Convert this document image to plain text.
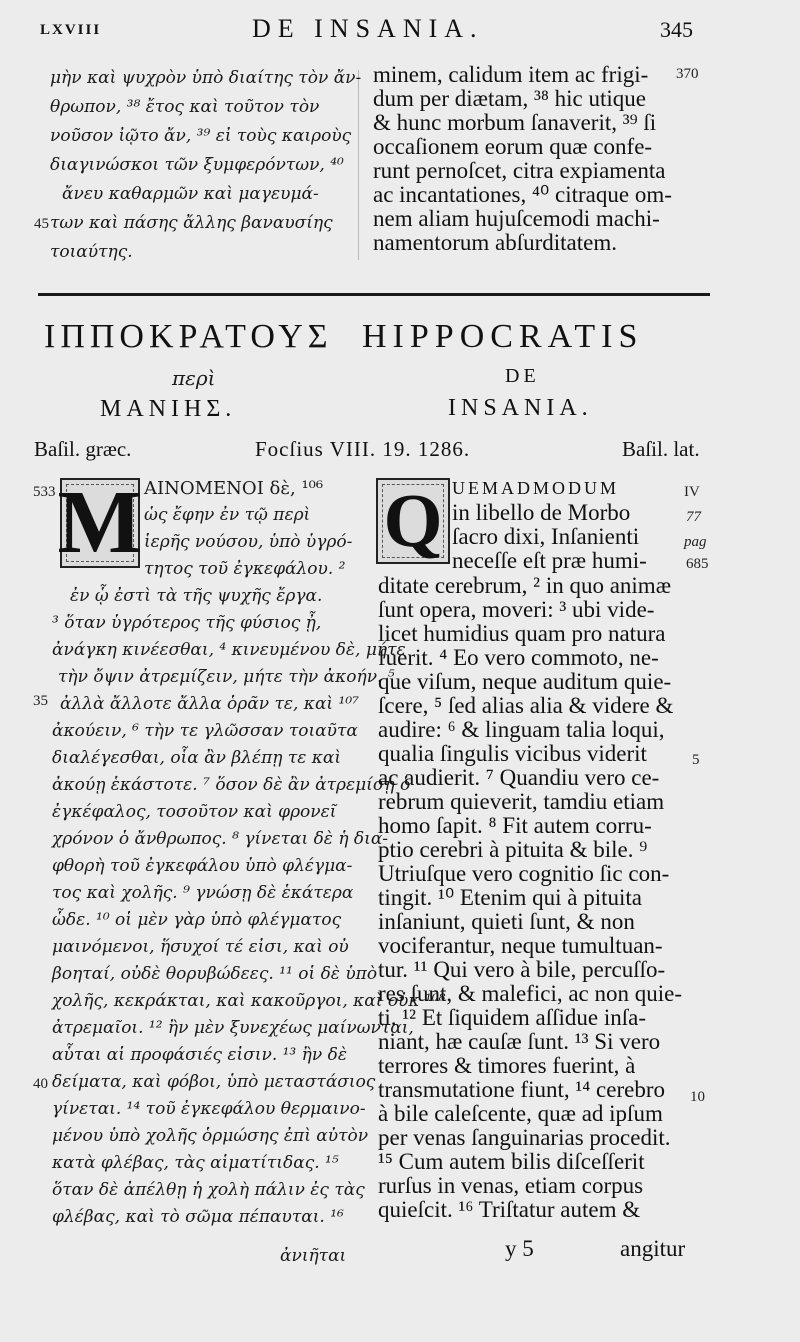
LXVIII	DE INSANIA.	345
μὴν καὶ ψυχρὸν ὑπὸ διαίτης τὸν ἄν-
θρωπον, ³⁸ ἔτος καὶ τοῦτον τὸν
νοῦσον ἰῷτο ἄν, ³⁹ εἰ τοὺς καιροὺς
διαγινώσκοι τῶν ξυμφερόντων, ⁴⁰
ἄνευ καθαρμῶν καὶ μαγευμά-
των καὶ πάσης ἄλλης βαναυσίης
τοιαύτης.
45
minem, calidum item ac frigi-
dum per diætam, ³⁸ hic utique
& hunc morbum ſanaverit, ³⁹ ſi
occaſionem eorum quæ confe-
runt pernoſcet, citra expiamenta
ac incantationes, ⁴⁰ citraque om-
nem aliam hujuſcemodi machi-
namentorum abſurditatem.
370
ΙΠΠΟΚΡΑΤΟΥΣ
περὶ
ΜΑΝΙΗΣ.
HIPPOCRATIS
DE
INSANIA.
Baſil. græc.	Focſius VIII. 19. 1286.	Baſil. lat.
M
533
35
40
ΑΙΝΟΜΕΝΟΙ δὲ, ¹⁰⁶
ὡς ἔφην ἐν τῷ περὶ
ἱερῆς νούσου, ὑπὸ ὑγρό-
τητος τοῦ ἐγκεφάλου. ²
ἐν ᾧ ἐστὶ τὰ τῆς ψυχῆς ἔργα.
³ ὅταν ὑγρότερος τῆς φύσιος ᾖ,
ἀνάγκη κινέεσθαι, ⁴ κινευμένου δὲ, μήτε
τὴν ὄψιν ἀτρεμίζειν, μήτε τὴν ἀκοήν. ⁵
ἀλλὰ ἄλλοτε ἄλλα ὁρᾶν τε, καὶ ¹⁰⁷
ἀκούειν, ⁶ τὴν τε γλῶσσαν τοιαῦτα
διαλέγεσθαι, οἷα ἂν βλέπῃ τε καὶ
ἀκούῃ ἑκάστοτε. ⁷ ὅσον δὲ ἂν ἀτρεμίσῃ ὁ
ἐγκέφαλος, τοσοῦτον καὶ φρονεῖ
χρόνον ὁ ἄνθρωπος. ⁸ γίνεται δὲ ἡ δια-
φθορὴ τοῦ ἐγκεφάλου ὑπὸ φλέγμα-
τος καὶ χολῆς. ⁹ γνώσῃ δὲ ἑκάτερα
ὧδε. ¹⁰ οἱ μὲν γὰρ ὑπὸ φλέγματος
μαινόμενοι, ἥσυχοί τέ εἰσι, καὶ οὐ
βοηταί, οὐδὲ θορυβώδεες. ¹¹ οἱ δὲ ὑπὸ
χολῆς, κεκράκται, καὶ κακοῦργοι, καὶ οὐκ ¹⁰⁸
ἀτρεμαῖοι. ¹² ἢν μὲν ξυνεχέως μαίνωνται,
αὗται αἱ προφάσιές εἰσιν. ¹³ ἢν δὲ
δείματα, καὶ φόβοι, ὑπὸ μεταστάσιος
γίνεται. ¹⁴ τοῦ ἐγκεφάλου θερμαινο-
μένου ὑπὸ χολῆς ὁρμώσης ἐπὶ αὐτὸν
κατὰ φλέβας, τὰς αἱματίτιδας. ¹⁵
ὅταν δὲ ἀπέλθῃ ἡ χολὴ πάλιν ἐς τὰς
φλέβας, καὶ τὸ σῶμα πέπαυται. ¹⁶
ἀνιῆται
Q	IV
77
pag
685
5
10
UEMADMODUM
in libello de Morbo
ſacro dixi, Inſanienti
neceſſe eſt præ humi-
ditate cerebrum, ² in quo animæ
ſunt opera, moveri: ³ ubi vide-
licet humidius quam pro natura
fuerit. ⁴ Eo vero commoto, ne-
que viſum, neque auditum quie-
ſcere, ⁵ ſed alias alia & videre &
audire: ⁶ & linguam talia loqui,
qualia ſingulis vicibus viderit
ac audierit. ⁷ Quandiu vero ce-
rebrum quieverit, tamdiu etiam
homo ſapit. ⁸ Fit autem corru-
ptio cerebri à pituita & bile. ⁹
Utriuſque vero cognitio ſic con-
tingit. ¹⁰ Etenim qui à pituita
inſaniunt, quieti ſunt, & non
vociferantur, neque tumultuan-
tur. ¹¹ Qui vero à bile, percuſſo-
res ſunt, & malefici, ac non quie-
ti. ¹² Et ſiquidem aſſidue inſa-
niant, hæ cauſæ ſunt. ¹³ Si vero
terrores & timores fuerint, à
transmutatione fiunt, ¹⁴ cerebro
à bile caleſcente, quæ ad ipſum
per venas ſanguinarias procedit.
¹⁵ Cum autem bilis diſceſſerit
rurſus in venas, etiam corpus
quieſcit. ¹⁶ Triſtatur autem &
y 5	angitur
